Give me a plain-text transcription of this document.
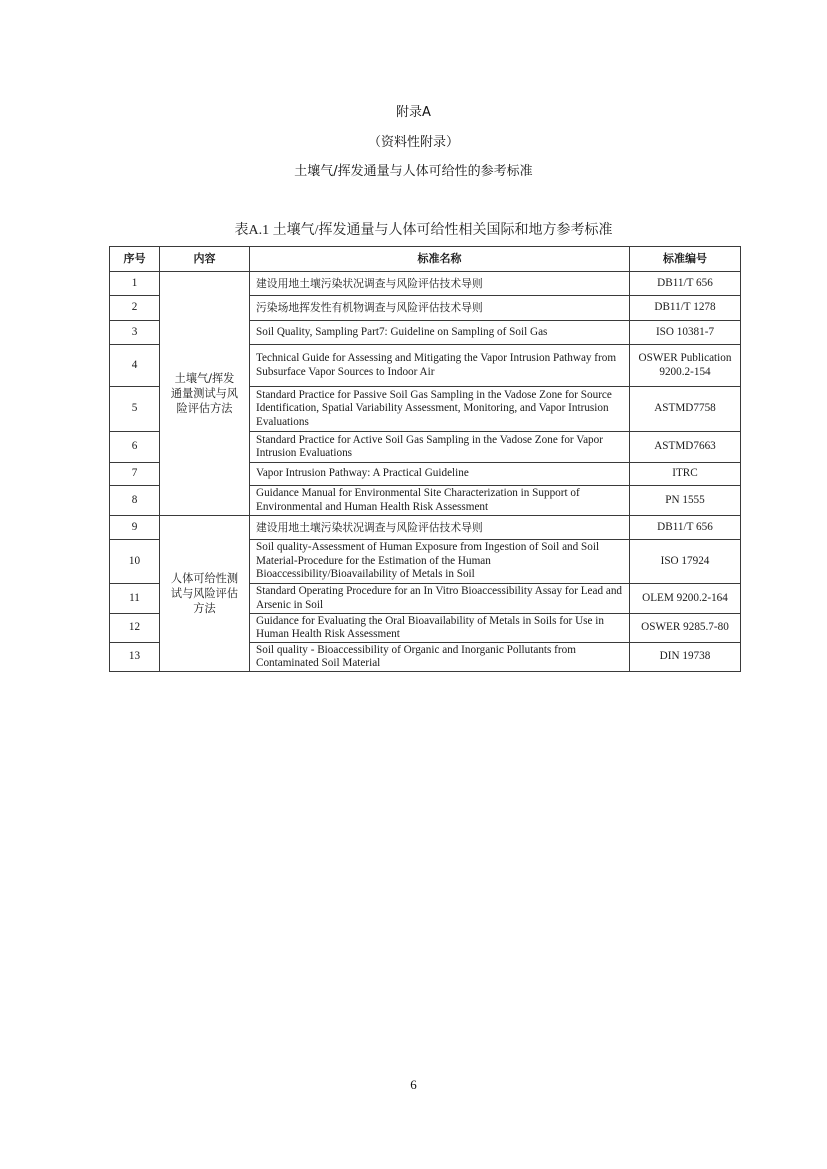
附录A
（资料性附录）
土壤气/挥发通量与人体可给性的参考标准
表A.1 土壤气/挥发通量与人体可给性相关国际和地方参考标准
序号	内容	标准名称	标准编号
1	土壤气/挥发通量测试与风险评估方法	建设用地土壤污染状况调查与风险评估技术导则	DB11/T 656
2		污染场地挥发性有机物调查与风险评估技术导则	DB11/T 1278
3		Soil Quality, Sampling Part7: Guideline on Sampling of Soil Gas	ISO 10381-7
4		Technical Guide for Assessing and Mitigating the Vapor Intrusion Pathway from Subsurface Vapor Sources to Indoor Air	OSWER Publication 9200.2-154
5		Standard Practice for Passive Soil Gas Sampling in the Vadose Zone for Source Identification, Spatial Variability Assessment, Monitoring, and Vapor Intrusion Evaluations	ASTMD7758
6		Standard Practice for Active Soil Gas Sampling in the Vadose Zone for Vapor Intrusion Evaluations	ASTMD7663
7		Vapor Intrusion Pathway: A Practical Guideline	ITRC
8		Guidance Manual for Environmental Site Characterization in Support of Environmental and Human Health Risk Assessment	PN 1555
9	人体可给性测试与风险评估方法	建设用地土壤污染状况调查与风险评估技术导则	DB11/T 656
10		Soil quality-Assessment of Human Exposure from Ingestion of Soil and Soil Material-Procedure for the Estimation of the Human Bioaccessibility/Bioavailability of Metals in Soil	ISO 17924
11		Standard Operating Procedure for an In Vitro Bioaccessibility Assay for Lead and Arsenic in Soil	OLEM 9200.2-164
12		Guidance for Evaluating the Oral Bioavailability of Metals in Soils for Use in Human Health Risk Assessment	OSWER 9285.7-80
13		Soil quality - Bioaccessibility of Organic and Inorganic Pollutants from Contaminated Soil Material	DIN 19738
6
